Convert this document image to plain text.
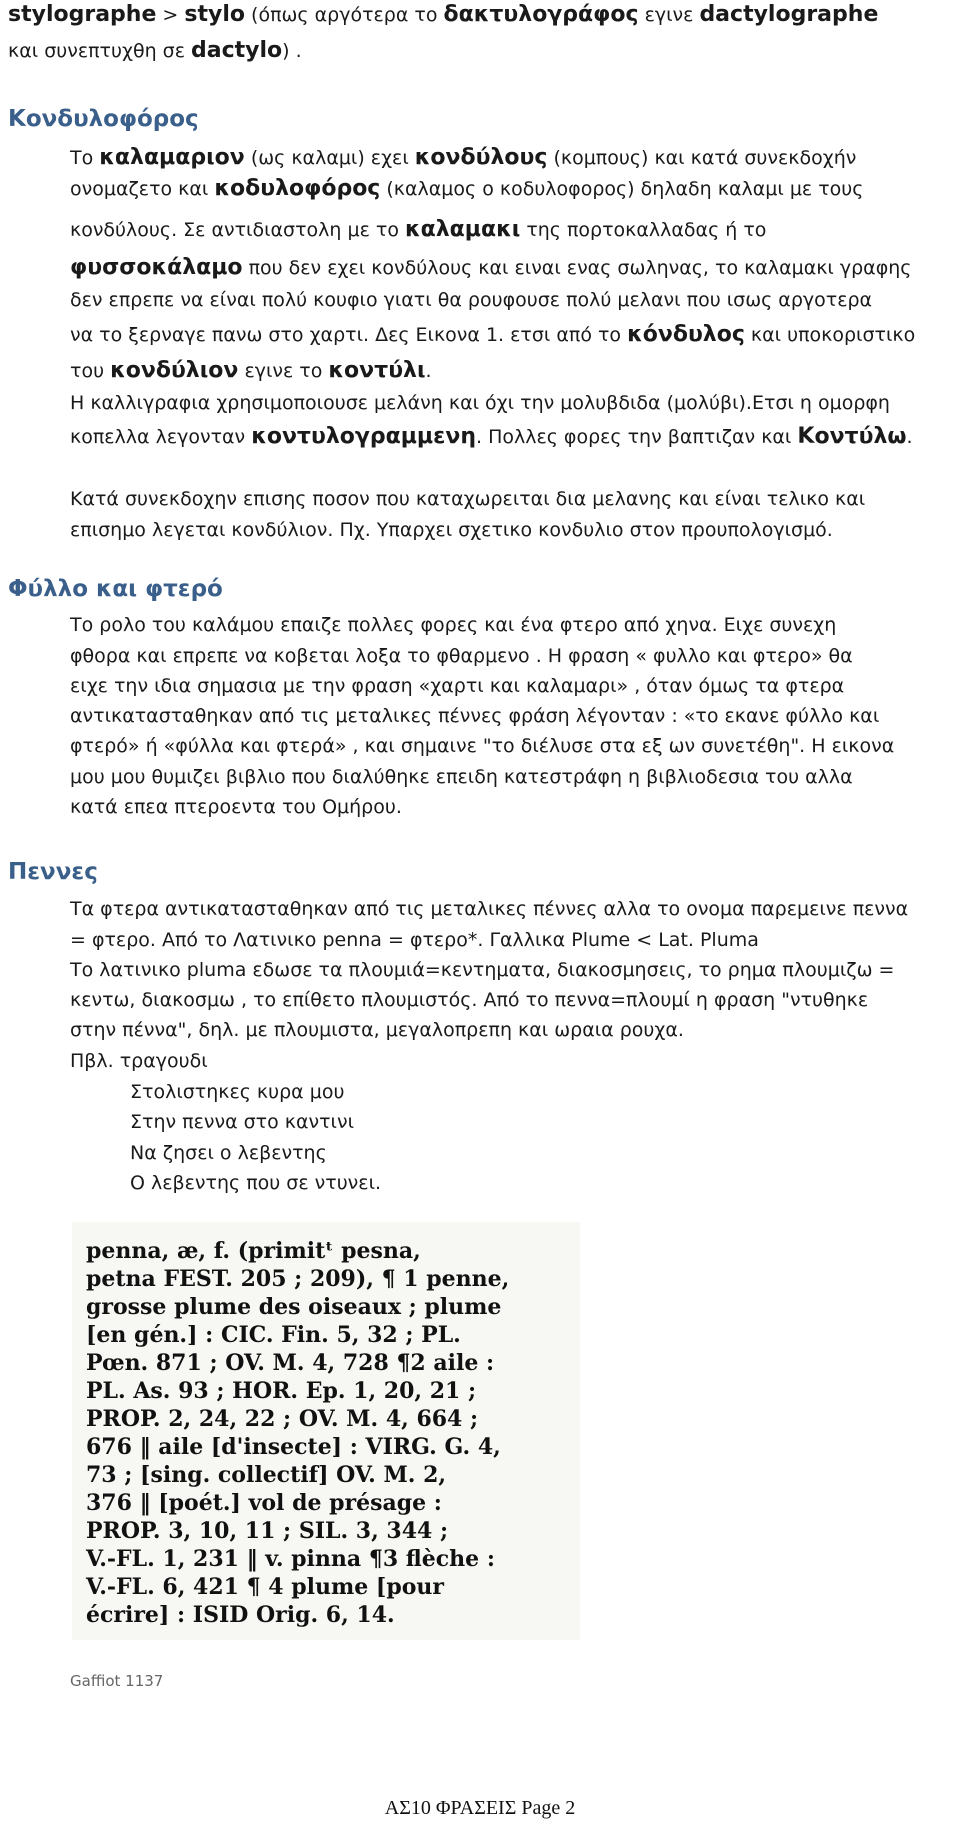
stylographe > stylo (όπως αργότερα το δακτυλογράφος εγινε dactylographe
και συνεπτυχθη σε dactylo) .
Κονδυλοφόρος
Το καλαμαριον (ως καλαμι) εχει κονδύλους (κομπους) και κατά συνεκδοχήν
ονομαζετο και κοδυλοφόρος (καλαμος ο κοδυλοφορος) δηλαδη καλαμι με τους
κονδύλους. Σε αντιδιαστολη με το καλαμακι της πορτοκαλλαδας ή το
φυσσοκάλαμο που δεν εχει κονδύλους και ειναι ενας σωληνας, το καλαμακι γραφης
δεν επρεπε να είναι πολύ κουφιο γιατι θα ρουφουσε πολύ μελανι που ισως αργοτερα
να το ξερναγε πανω στο χαρτι. Δες Εικονα 1. ετσι από το κόνδυλος και υποκοριστικο
του κονδύλιον εγινε το κοντύλι.
Η καλλιγραφια χρησιμοποιουσε μελάνη και όχι την μολυβδιδα (μολύβι).Ετσι η ομορφη
κοπελλα λεγονταν κοντυλογραμμενη. Πολλες φορες την βαπτιζαν και Κοντύλω.
Κατά συνεκδοχην επισης ποσον που καταχωρειται δια μελανης και είναι τελικο και
επισημο λεγεται κονδύλιον. Πχ. Υπαρχει σχετικο κονδυλιο στον προυπολογισμό.
Φύλλο και φτερό
Το ρολο του καλάμου επαιζε πολλες φορες και ένα φτερο από χηνα. Ειχε συνεχη
φθορα και επρεπε να κοβεται λοξα το φθαρμενο . Η φραση « φυλλο και φτερο» θα
ειχε την ιδια σημασια με την φραση «χαρτι και καλαμαρι» , όταν όμως τα φτερα
αντικατασταθηκαν από τις μεταλικες πέννες φράση λέγονταν : «το εκανε φύλλο και
φτερό» ή «φύλλα και φτερά» , και σημαινε "το διέλυσε στα εξ ων συνετέθη". Η εικονα
μου μου θυμιζει βιβλιο που διαλύθηκε επειδη κατεστράφη η βιβλιοδεσια του αλλα
κατά επεα πτεροεντα του Ομήρου.
Πεννες
Τα φτερα αντικατασταθηκαν από τις μεταλικες πέννες αλλα το ονομα παρεμεινε πεννα
= φτερο. Από το Λατινικο penna = φτερο*. Γαλλικα Plume < Lat. Pluma
Το λατινικο pluma εδωσε τα πλουμιά=κεντηματα, διακοσμησεις, το ρημα πλουμιζω =
κεντω, διακοσμω , το επίθετο πλουμιστός. Από το πεννα=πλουμί η φραση "ντυθηκε
στην πέννα", δηλ. με πλουμιστα, μεγαλοπρεπη και ωραια ρουχα.
Πβλ. τραγουδι
Στολιστηκες κυρα μου
Στην πεννα στο καντινι
Να ζησει ο λεβεντης
Ο λεβεντης που σε ντυνει.
penna, æ, f. (primitᵗ pesna,
petna FEST. 205 ; 209), ¶ 1 penne,
grosse plume des oiseaux ; plume
[en gén.] : CIC. Fin. 5, 32 ; PL.
Pœn. 871 ; OV. M. 4, 728 ¶2 aile :
PL. As. 93 ; HOR. Ep. 1, 20, 21 ;
PROP. 2, 24, 22 ; OV. M. 4, 664 ;
676 ‖ aile [d'insecte] : VIRG. G. 4,
73 ; [sing. collectif] OV. M. 2,
376 ‖ [poét.] vol de présage :
PROP. 3, 10, 11 ; SIL. 3, 344 ;
V.-FL. 1, 231 ‖ v. pinna ¶3 flèche :
V.-FL. 6, 421 ¶ 4 plume [pour
écrire] : ISID Orig. 6, 14.
Gaffiot 1137
ΑΣ10 ΦΡΑΣΕΙΣ Page 2
